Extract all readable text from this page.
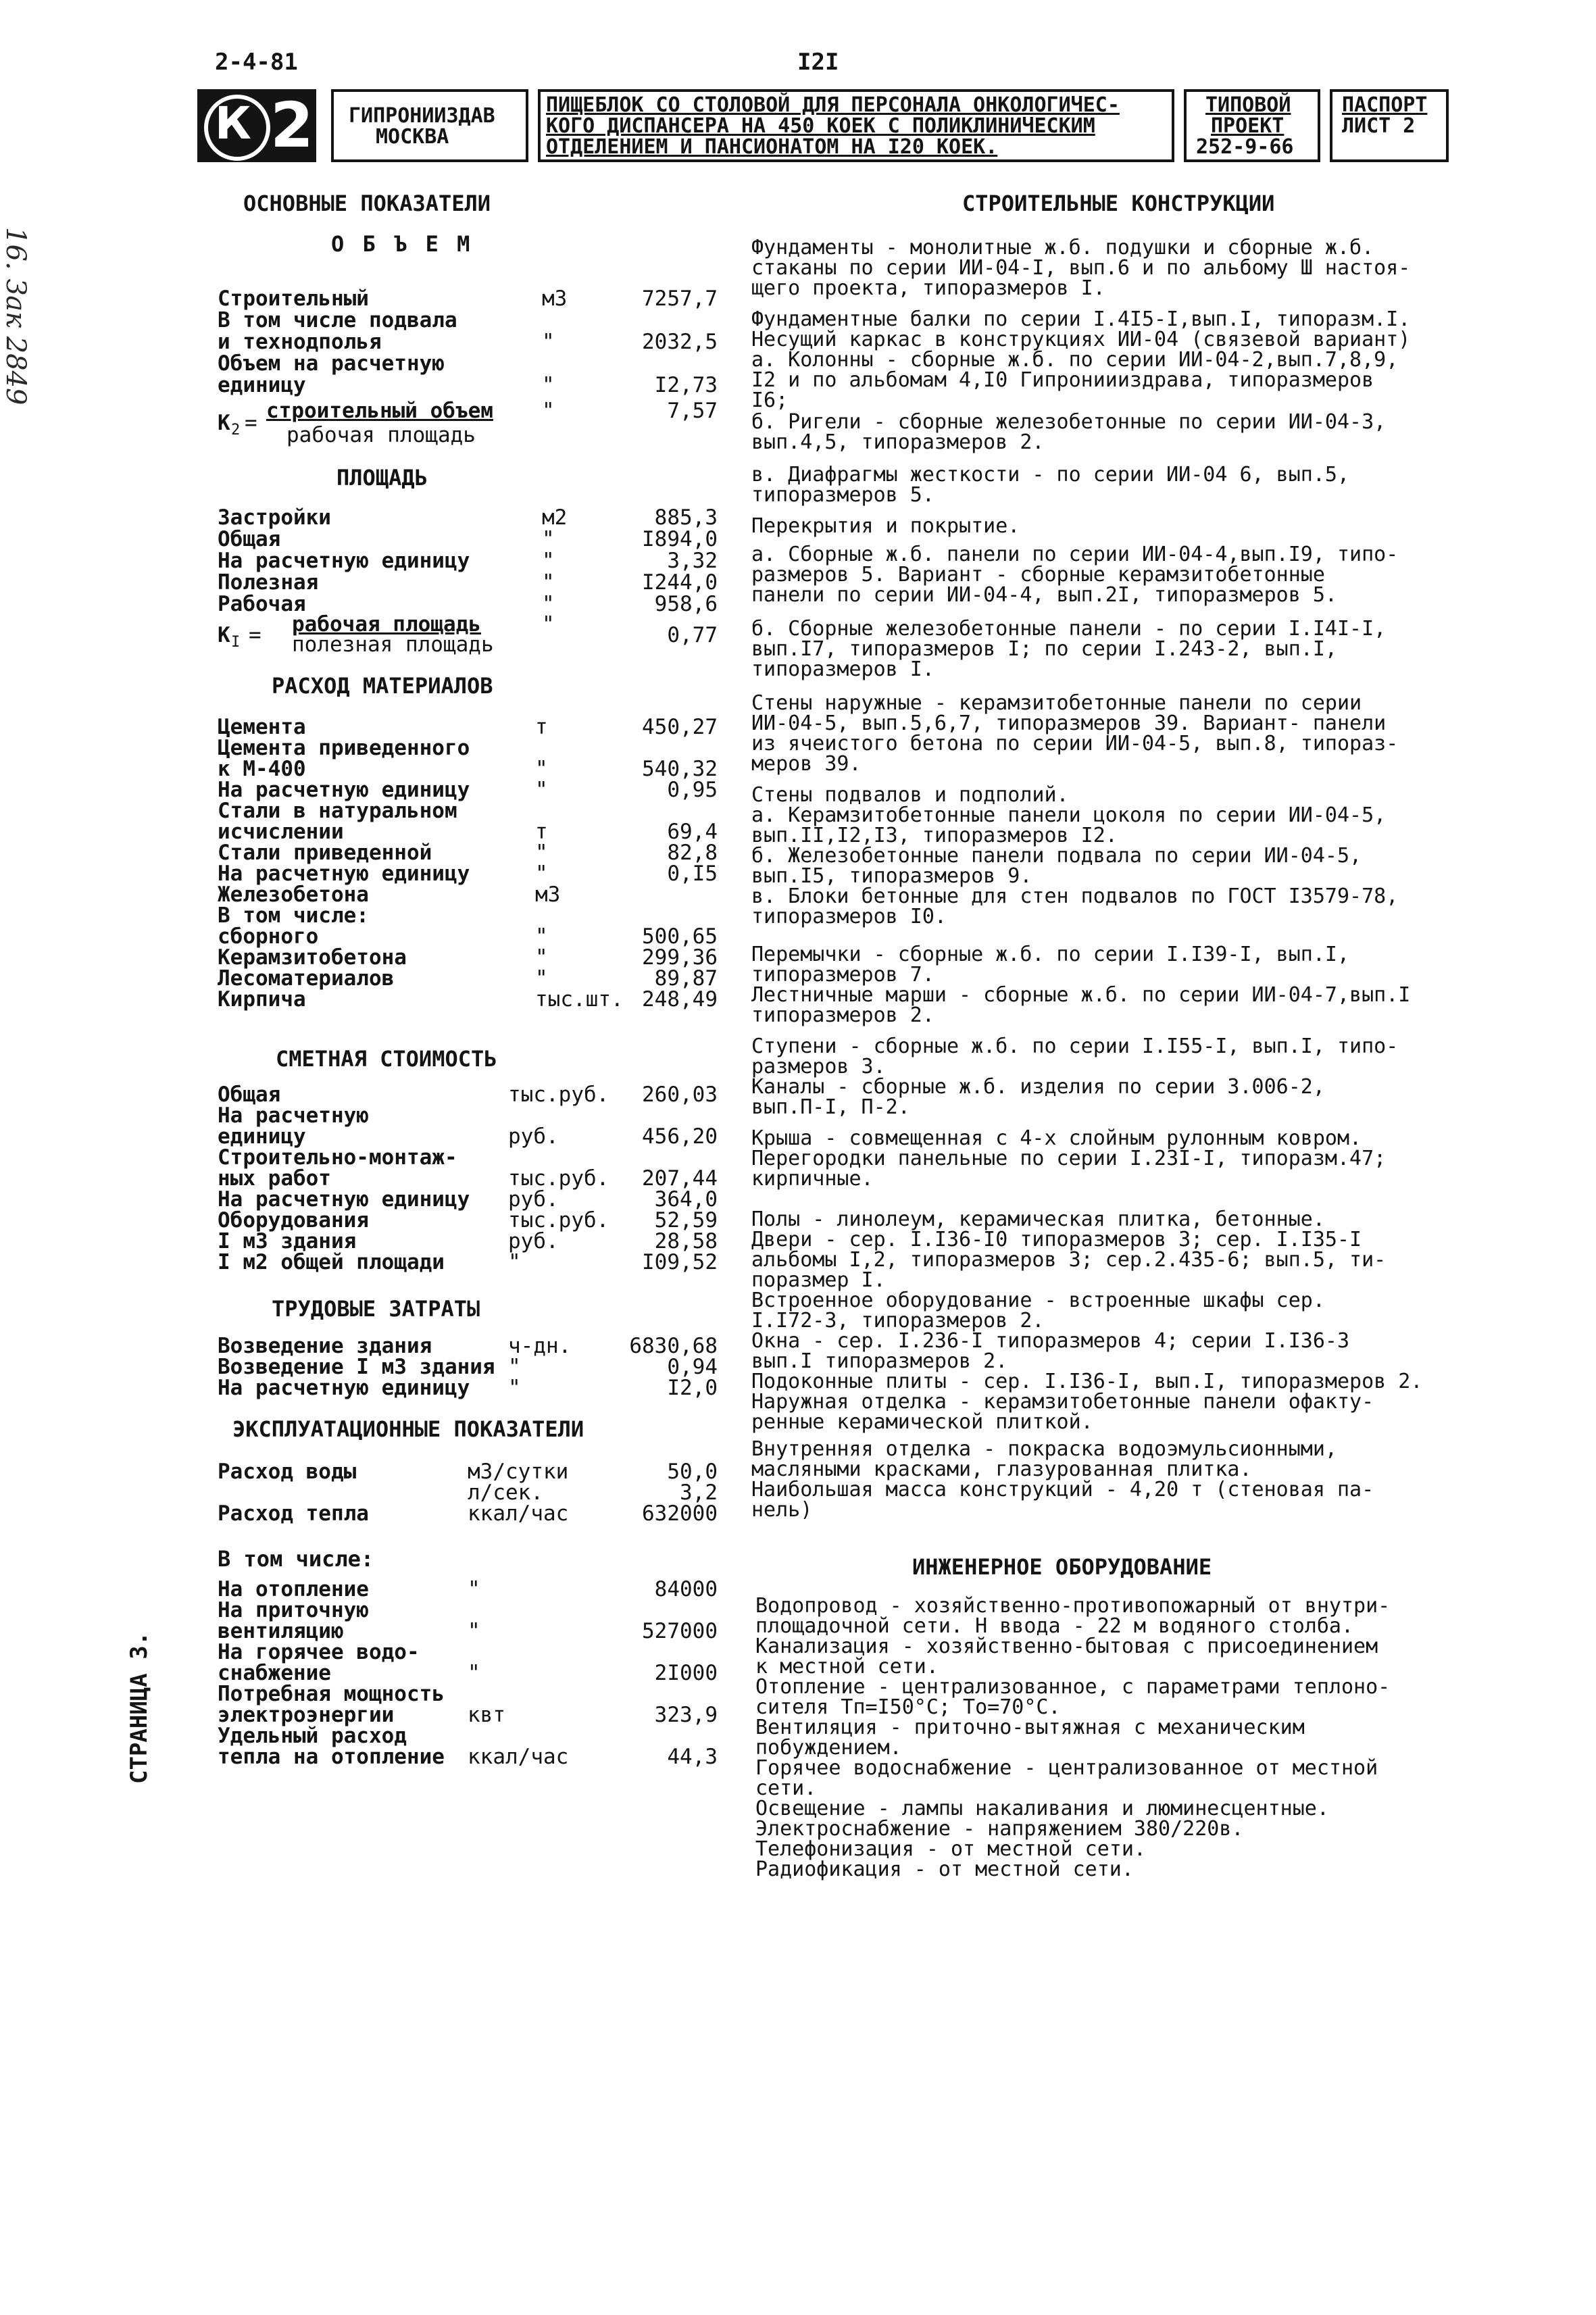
2-4-81	I2I
К 2 ГИПРОНИИЗДАВ
МОСКВА
ПИЩЕБЛОК СО СТОЛОВОЙ ДЛЯ ПЕРСОНАЛА ОНКОЛОГИЧЕС-
КОГО ДИСПАНСЕРА НА 450 КОЕК С ПОЛИКЛИНИЧЕСКИМ
ОТДЕЛЕНИЕМ И ПАНСИОНАТОМ НА I20 КОЕК.
ТИПОВОЙ
ПРОЕКТ
252-9-66
ПАСПОРТ
ЛИСТ 2
16. Зак 2849
СТРАНИЦА 3.
ОСНОВНЫЕ ПОКАЗАТЕЛИ
О Б Ъ Е М
Строительный	м3	7257,7
В том числе подвала
и технодполья	"	2032,5
Объем на расчетную
единицу	"	I2,73
K 2 = строительный объем
рабочая площадь
"	7,57
ПЛОЩАДЬ
Застройки	м2	885,3
Общая	"	I894,0
На расчетную единицу	"	3,32
Полезная	"	I244,0
Рабочая	"	958,6
K I = рабочая площадь
полезная площадь
"	0,77
РАСХОД МАТЕРИАЛОВ
Цемента	т	450,27
Цемента приведенного
к М-400	"	540,32
На расчетную единицу	"	0,95
Стали в натуральном
исчислении	т	69,4
Стали приведенной	"	82,8
На расчетную единицу	"	0,I5
Железобетона	м3
В том числе:
сборного	"	500,65
Керамзитобетона	"	299,36
Лесоматериалов	"	89,87
Кирпича	тыс.шт. 248,49
СМЕТНАЯ СТОИМОСТЬ
Общая	тыс.руб. 260,03
На расчетную
единицу	руб.	456,20
Строительно-монтаж-
ных работ	тыс.руб. 207,44
На расчетную единицу руб.	364,0
Оборудования	тыс.руб. 52,59
I м3 здания	руб.	28,58
I м2 общей площади	"	I09,52
ТРУДОВЫЕ ЗАТРАТЫ
Возведение здания	ч-дн.	6830,68
Возведение I м3 здания "	0,94
На расчетную единицу "	I2,0
ЭКСПЛУАТАЦИОННЫЕ ПОКАЗАТЕЛИ
Расход воды	м3/сутки	50,0
л/сек.	3,2
Расход тепла	ккал/час	632000
В том числе:
На отопление	"	84000
На приточную
вентиляцию	"	527000
На горячее водо-
снабжение	"	2I000
Потребная мощность
электроэнергии	квт	323,9
Удельный расход
тепла на отопление ккал/час	44,3
СТРОИТЕЛЬНЫЕ КОНСТРУКЦИИ
Фундаменты - монолитные ж.б. подушки и сборные ж.б.
стаканы по серии ИИ-04-I, вып.6 и по альбому Ш настоя-
щего проекта, типоразмеров I.
Фундаментные балки по серии I.4I5-I,вып.I, типоразм.I.
Несущий каркас в конструкциях ИИ-04 (связевой вариант)
а. Колонны - сборные ж.б. по серии ИИ-04-2,вып.7,8,9,
I2 и по альбомам 4,I0 Гипрониииздрава, типоразмеров
I6;
б. Ригели - сборные железобетонные по серии ИИ-04-3,
вып.4,5, типоразмеров 2.
в. Диафрагмы жесткости - по серии ИИ-04 6, вып.5,
типоразмеров 5.
Перекрытия и покрытие.
а. Сборные ж.б. панели по серии ИИ-04-4,вып.I9, типо-
размеров 5. Вариант - сборные керамзитобетонные
панели по серии ИИ-04-4, вып.2I, типоразмеров 5.
б. Сборные железобетонные панели - по серии I.I4I-I,
вып.I7, типоразмеров I; по серии I.243-2, вып.I,
типоразмеров I.
Стены наружные - керамзитобетонные панели по серии
ИИ-04-5, вып.5,6,7, типоразмеров 39. Вариант- панели
из ячеистого бетона по серии ИИ-04-5, вып.8, типораз-
меров 39.
Стены подвалов и подполий.
а. Керамзитобетонные панели цоколя по серии ИИ-04-5,
вып.II,I2,I3, типоразмеров I2.
б. Железобетонные панели подвала по серии ИИ-04-5,
вып.I5, типоразмеров 9.
в. Блоки бетонные для стен подвалов по ГОСТ I3579-78,
типоразмеров I0.
Перемычки - сборные ж.б. по серии I.I39-I, вып.I,
типоразмеров 7.
Лестничные марши - сборные ж.б. по серии ИИ-04-7,вып.I
типоразмеров 2.
Ступени - сборные ж.б. по серии I.I55-I, вып.I, типо-
размеров 3.
Каналы - сборные ж.б. изделия по серии 3.006-2,
вып.П-I, П-2.
Крыша - совмещенная с 4-х слойным рулонным ковром.
Перегородки панельные по серии I.23I-I, типоразм.47;
кирпичные.
Полы - линолеум, керамическая плитка, бетонные.
Двери - сер. I.I36-I0 типоразмеров 3; сер. I.I35-I
альбомы I,2, типоразмеров 3; сер.2.435-6; вып.5, ти-
поразмер I.
Встроенное оборудование - встроенные шкафы сер.
I.I72-3, типоразмеров 2.
Окна - сер. I.236-I типоразмеров 4; серии I.I36-3
вып.I типоразмеров 2.
Подоконные плиты - сер. I.I36-I, вып.I, типоразмеров 2.
Наружная отделка - керамзитобетонные панели офакту-
ренные керамической плиткой.
Внутренняя отделка - покраска водоэмульсионными,
масляными красками, глазурованная плитка.
Наибольшая масса конструкций - 4,20 т (стеновая па-
нель)
ИНЖЕНЕРНОЕ ОБОРУДОВАНИЕ
Водопровод - хозяйственно-противопожарный от внутри-
площадочной сети. Н ввода - 22 м водяного столба.
Канализация - хозяйственно-бытовая с присоединением
к местной сети.
Отопление - централизованное, с параметрами теплоно-
сителя Тп=I50°С; То=70°С.
Вентиляция - приточно-вытяжная с механическим
побуждением.
Горячее водоснабжение - централизованное от местной
сети.
Освещение - лампы накаливания и люминесцентные.
Электроснабжение - напряжением 380/220в.
Телефонизация - от местной сети.
Радиофикация - от местной сети.
